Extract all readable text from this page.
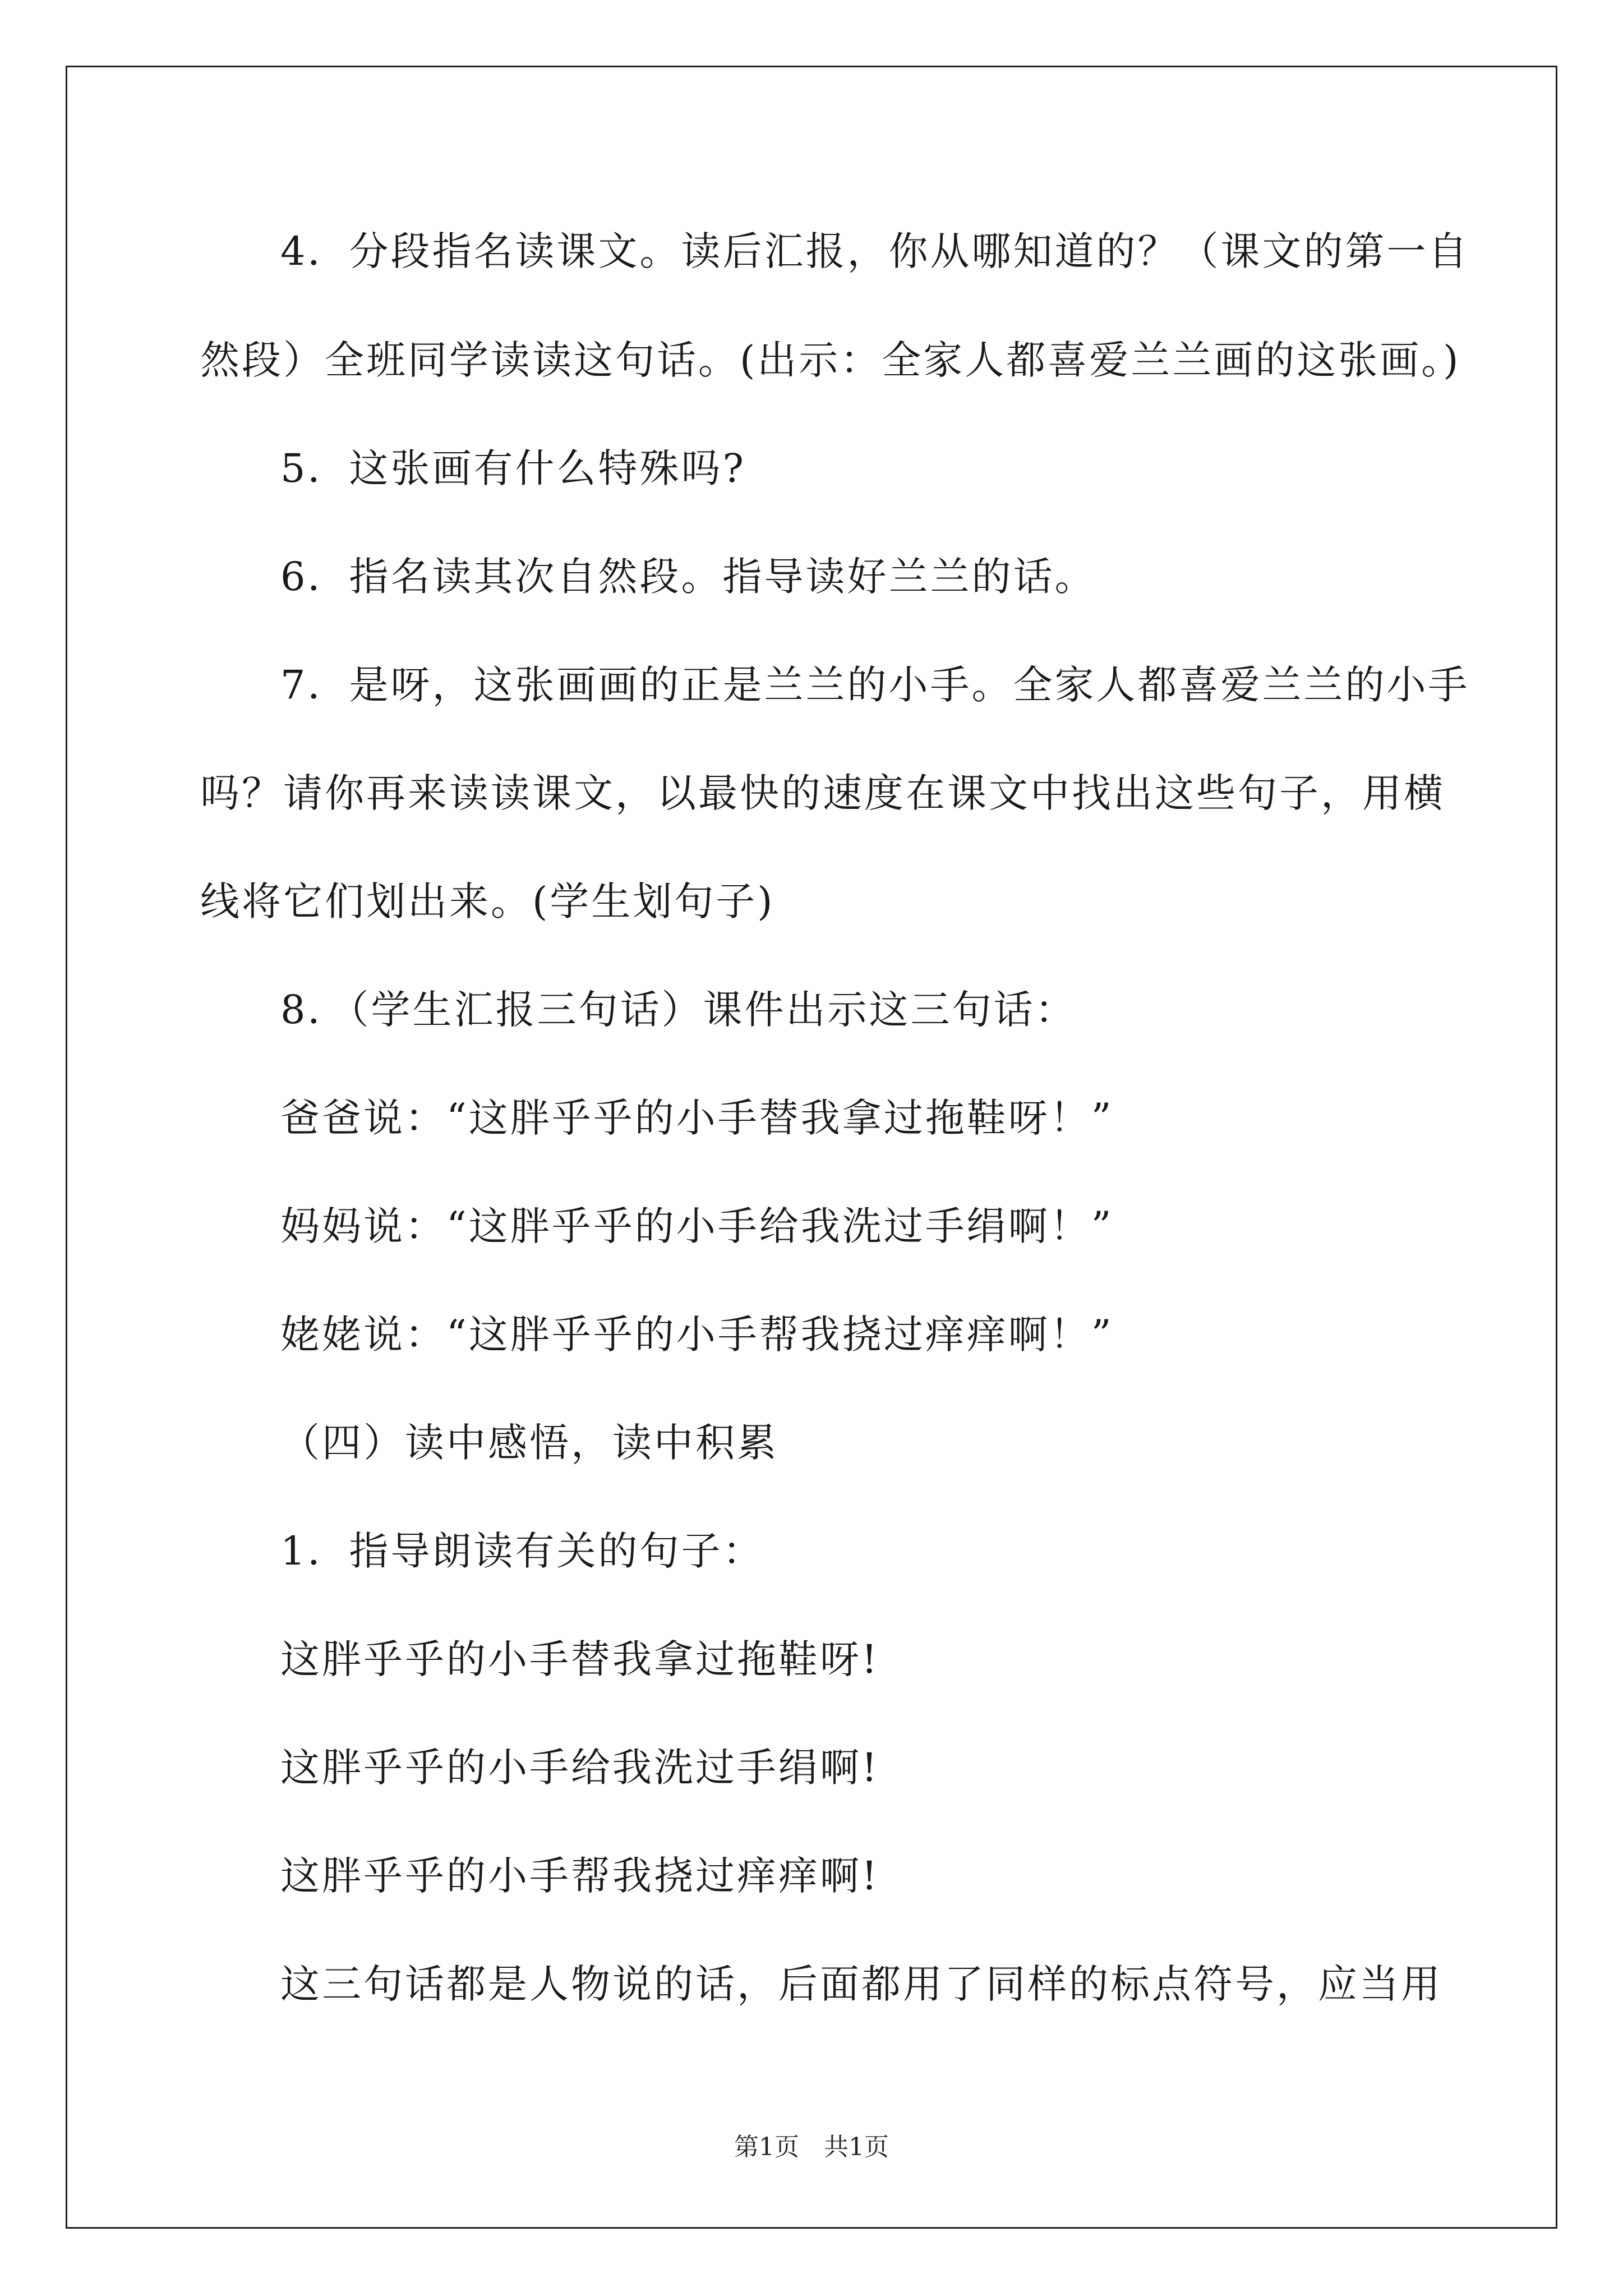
4．分段指名读课文。读后汇报，你从哪知道的？（课文的第一自
然段）全班同学读读这句话。(出示：全家人都喜爱兰兰画的这张画。)
5．这张画有什么特殊吗?
6．指名读其次自然段。指导读好兰兰的话。
7．是呀，这张画画的正是兰兰的小手。全家人都喜爱兰兰的小手
吗？请你再来读读课文，以最快的速度在课文中找出这些句子，用横
线将它们划出来。(学生划句子)
8．（学生汇报三句话）课件出示这三句话：
爸爸说：“这胖乎乎的小手替我拿过拖鞋呀！”
妈妈说：“这胖乎乎的小手给我洗过手绢啊！”
姥姥说：“这胖乎乎的小手帮我挠过痒痒啊！”
（四）读中感悟，读中积累
1．指导朗读有关的句子：
这胖乎乎的小手替我拿过拖鞋呀!
这胖乎乎的小手给我洗过手绢啊!
这胖乎乎的小手帮我挠过痒痒啊!
这三句话都是人物说的话，后面都用了同样的标点符号，应当用
第1页　共1页
